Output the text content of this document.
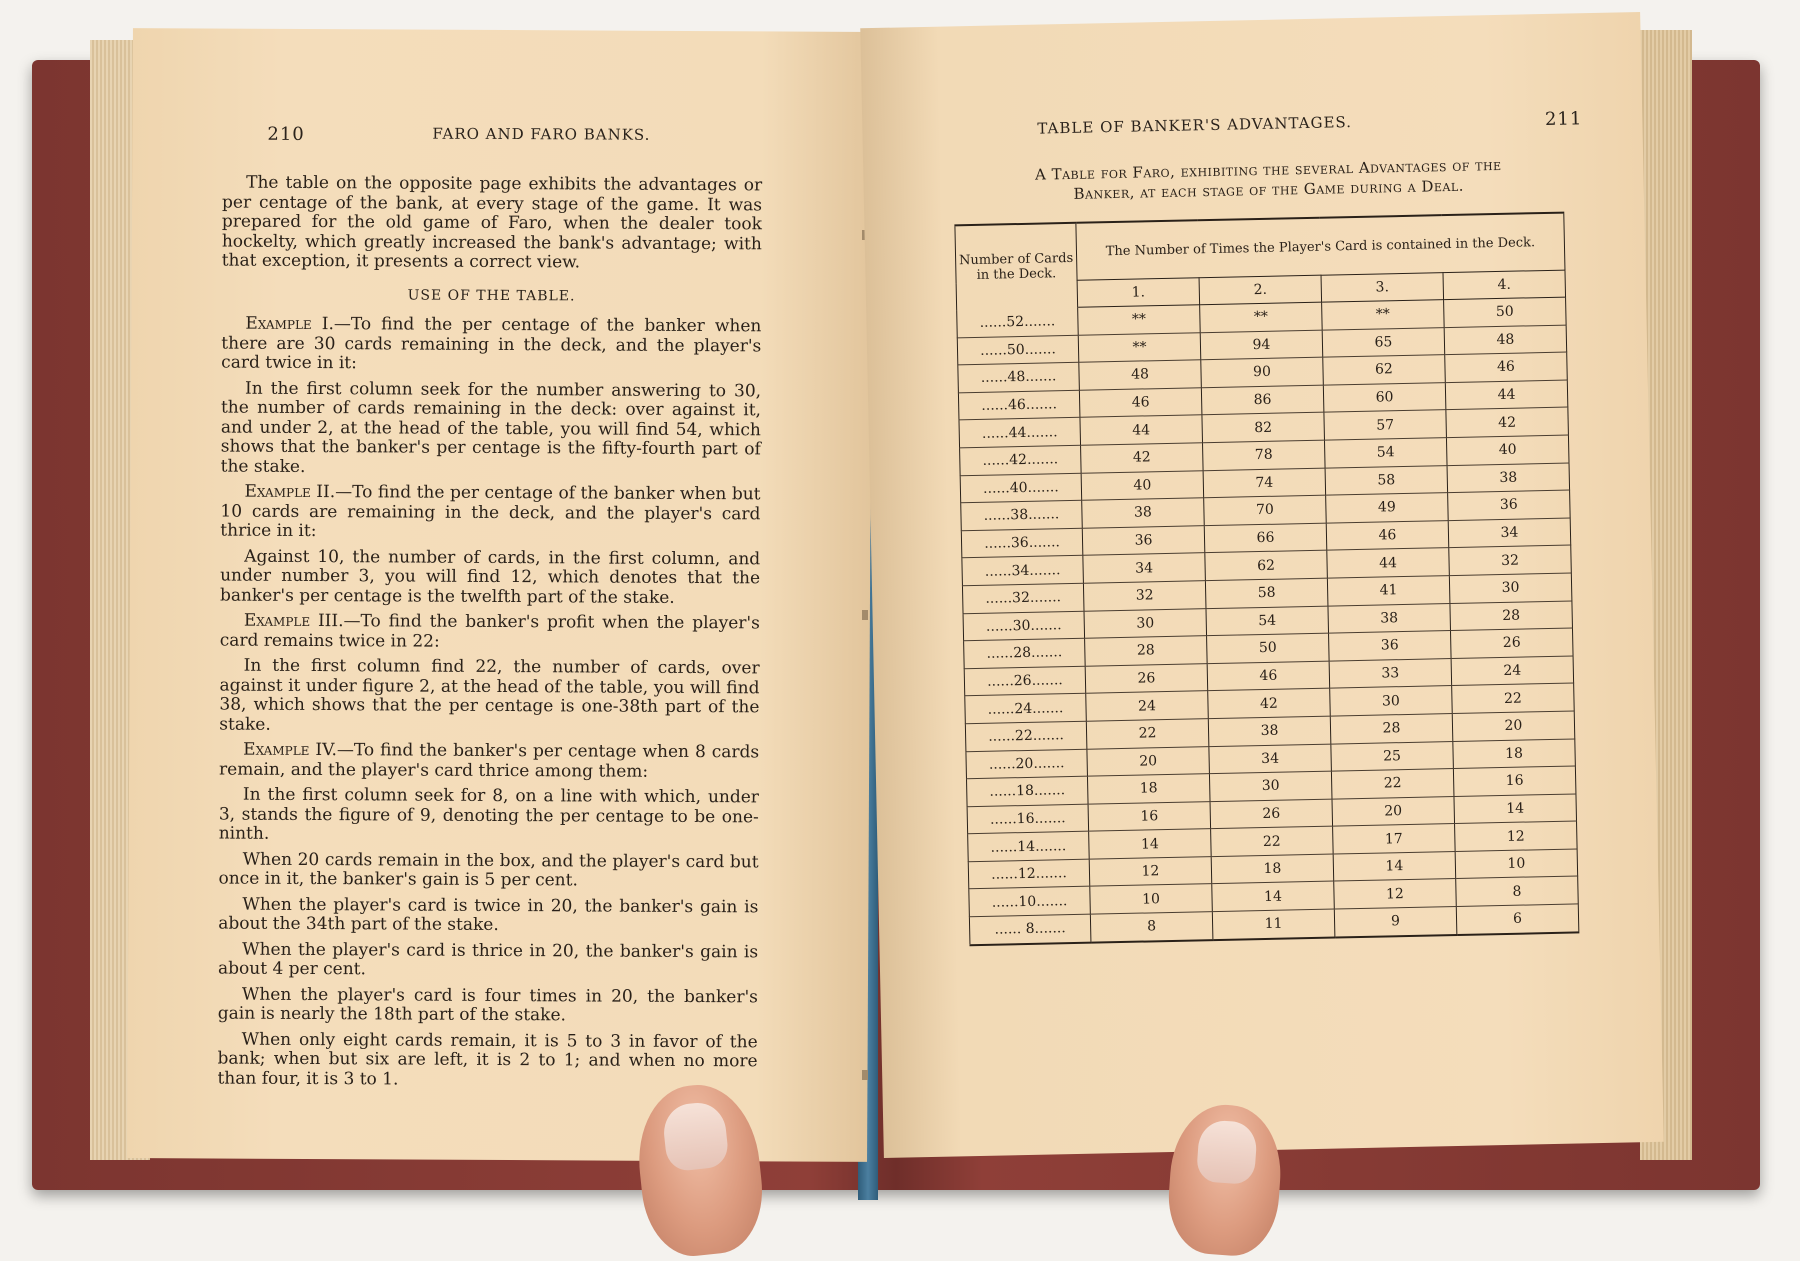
210	FARO AND FARO BANKS.

The table on the opposite page exhibits the advantages or per centage of the bank, at every stage of the game. It was prepared for the old game of Faro, when the dealer took hockelty, which greatly increased the bank's advantage; with that exception, it presents a correct view.

USE OF THE TABLE.

Example I.—To find the per centage of the banker when there are 30 cards remaining in the deck, and the player's card twice in it:

In the first column seek for the number answering to 30, the number of cards remaining in the deck: over against it, and under 2, at the head of the table, you will find 54, which shows that the banker's per centage is the fifty-fourth part of the stake.

Example II.—To find the per centage of the banker when but 10 cards are remaining in the deck, and the player's card thrice in it:

Against 10, the number of cards, in the first column, and under number 3, you will find 12, which denotes that the banker's per centage is the twelfth part of the stake.

Example III.—To find the banker's profit when the player's card remains twice in 22:

In the first column find 22, the number of cards, over against it under figure 2, at the head of the table, you will find 38, which shows that the per centage is one-38th part of the stake.

Example IV.—To find the banker's per centage when 8 cards remain, and the player's card thrice among them:

In the first column seek for 8, on a line with which, under 3, stands the figure of 9, denoting the per centage to be one-ninth.

When 20 cards remain in the box, and the player's card but once in it, the banker's gain is 5 per cent.

When the player's card is twice in 20, the banker's gain is about the 34th part of the stake.

When the player's card is thrice in 20, the banker's gain is about 4 per cent.

When the player's card is four times in 20, the banker's gain is nearly the 18th part of the stake.

When only eight cards remain, it is 5 to 3 in favor of the bank; when but six are left, it is 2 to 1; and when no more than four, it is 3 to 1.

TABLE OF BANKER'S ADVANTAGES.	211
A Table for Faro, exhibiting the several Advantages of the
Banker, at each stage of the Game during a Deal.
Number of Cards in the Deck.	The Number of Times the Player's Card is contained in the Deck.			
	1.	2.	3.	4.
......52.......	**	**	**	50
......50.......	**	94	65	48
......48.......	48	90	62	46
......46.......	46	86	60	44
......44.......	44	82	57	42
......42.......	42	78	54	40
......40.......	40	74	58	38
......38.......	38	70	49	36
......36.......	36	66	46	34
......34.......	34	62	44	32
......32.......	32	58	41	30
......30.......	30	54	38	28
......28.......	28	50	36	26
......26.......	26	46	33	24
......24.......	24	42	30	22
......22.......	22	38	28	20
......20.......	20	34	25	18
......18.......	18	30	22	16
......16.......	16	26	20	14
......14.......	14	22	17	12
......12.......	12	18	14	10
......10.......	10	14	12	8
...... 8.......	8	11	9	6
